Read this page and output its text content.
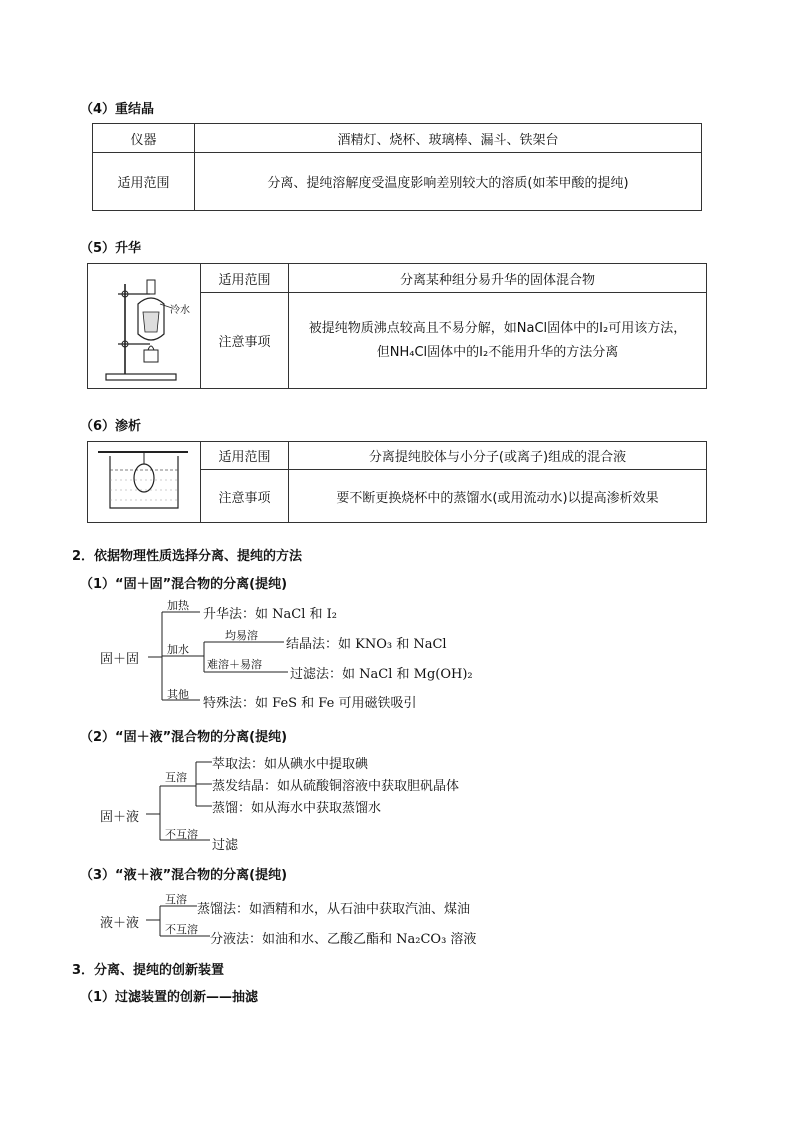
（4）重结晶
仪器	酒精灯、烧杯、玻璃棒、漏斗、铁架台
适用范围	分离、提纯溶解度受温度影响差别较大的溶质(如苯甲酸的提纯)
（5）升华
冷水	适用范围	分离某种组分易升华的固体混合物
	注意事项	被提纯物质沸点较高且不易分解，如NaCl固体中的I₂可用该方法，
但NH₄Cl固体中的I₂不能用升华的方法分离
（6）渗析
	适用范围	分离提纯胶体与小分子(或离子)组成的混合液
	注意事项	要不断更换烧杯中的蒸馏水(或用流动水)以提高渗析效果
2．依据物理性质选择分离、提纯的方法
（1）“固＋固”混合物的分离(提纯)
固＋固
加热
升华法：如 NaCl 和 I₂
加水
均易溶
结晶法：如 KNO₃ 和 NaCl
难溶＋易溶
过滤法：如 NaCl 和 Mg(OH)₂
其他
特殊法：如 FeS 和 Fe 可用磁铁吸引
（2）“固＋液”混合物的分离(提纯)
固＋液
互溶
萃取法：如从碘水中提取碘
蒸发结晶：如从硫酸铜溶液中获取胆矾晶体
蒸馏：如从海水中获取蒸馏水
不互溶
过滤
（3）“液＋液”混合物的分离(提纯)
液＋液
互溶
蒸馏法：如酒精和水，从石油中获取汽油、煤油
不互溶
分液法：如油和水、乙酸乙酯和 Na₂CO₃ 溶液
3．分离、提纯的创新装置
（1）过滤装置的创新——抽滤
